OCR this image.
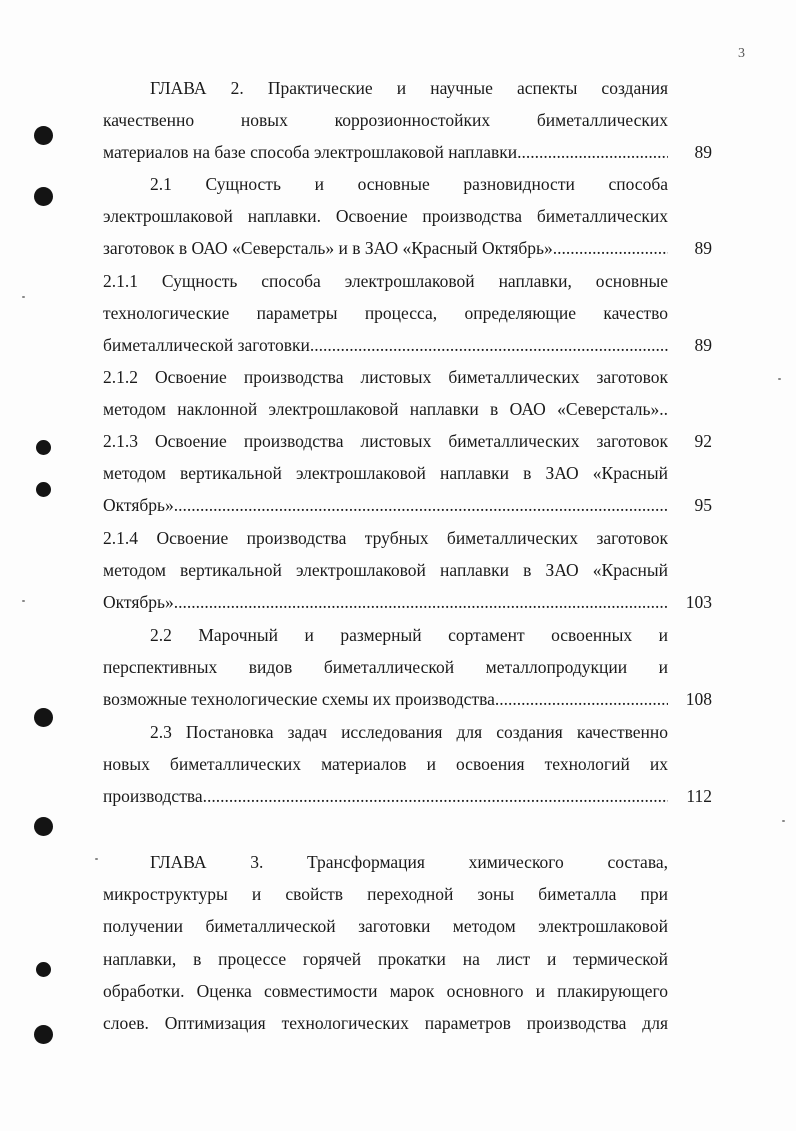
3
ГЛАВА 2. Практические и научные аспекты создания
качественно новых коррозионностойких биметаллических
материалов на базе способа электрошлаковой наплавки .....	89
2.1 Сущность и основные разновидности способа
электрошлаковой наплавки. Освоение производства биметаллических
заготовок в ОАО «Северсталь» и в ЗАО «Красный Октябрь» .....	89
2.1.1 Сущность способа электрошлаковой наплавки, основные
технологические параметры процесса, определяющие качество
биметаллической заготовки .....	89
2.1.2 Освоение производства листовых биметаллических заготовок
методом наклонной электрошлаковой наплавки в ОАО «Северсталь»..
2.1.3 Освоение производства листовых биметаллических заготовок	92
методом вертикальной электрошлаковой наплавки в ЗАО «Красный
Октябрь» .....	95
2.1.4 Освоение производства трубных биметаллических заготовок
методом вертикальной электрошлаковой наплавки в ЗАО «Красный
Октябрь» .....	103
2.2 Марочный и размерный сортамент освоенных и
перспективных видов биметаллической металлопродукции и
возможные технологические схемы их производства .....	108
2.3 Постановка задач исследования для создания качественно
новых биметаллических материалов и освоения технологий их
производства .....	112
ГЛАВА 3. Трансформация химического состава,
микроструктуры и свойств переходной зоны биметалла при
получении биметаллической заготовки методом электрошлаковой
наплавки, в процессе горячей прокатки на лист и термической
обработки. Оценка совместимости марок основного и плакирующего
слоев. Оптимизация технологических параметров производства для
